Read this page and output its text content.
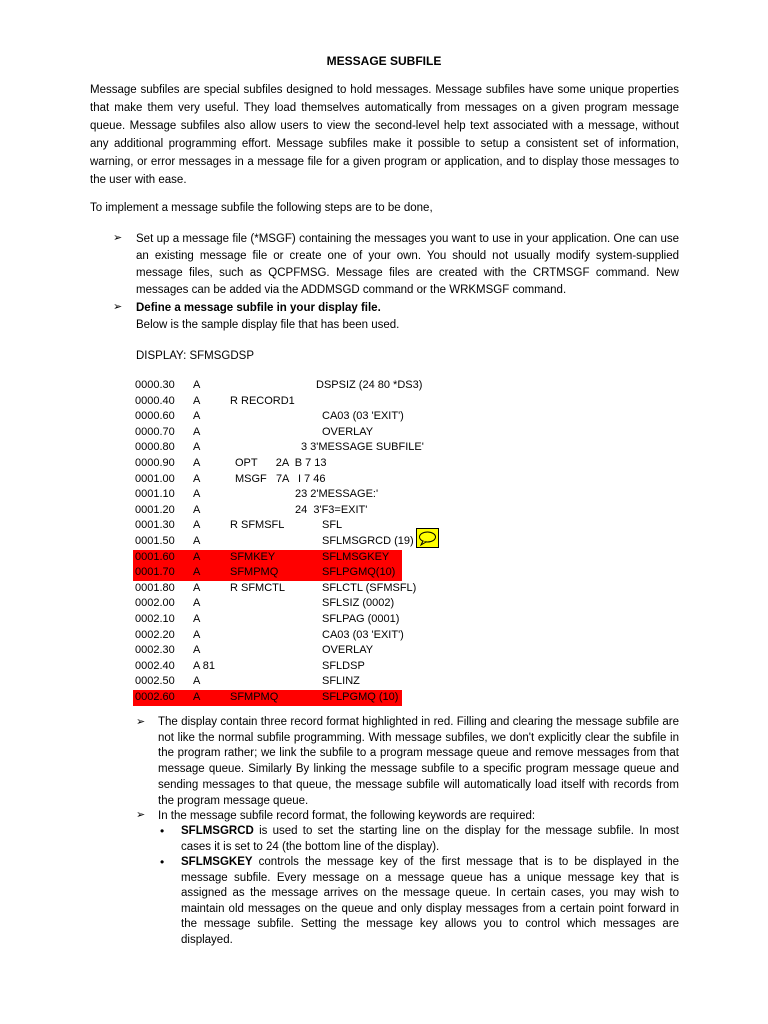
MESSAGE SUBFILE

Message subfiles are special subfiles designed to hold messages. Message subfiles have some unique properties that make them very useful. They load themselves automatically from messages on a given program message queue. Message subfiles also allow users to view the second-level help text associated with a message, without any additional programming effort. Message subfiles make it possible to setup a consistent set of information, warning, or error messages in a message file for a given program or application, and to display those messages to the user with ease.

To implement a message subfile the following steps are to be done,

➢ Set up a message file (*MSGF) containing the messages you want to use in your application. One can use an existing message file or create one of your own. You should not usually modify system-supplied message files, such as QCPFMSG. Message files are created with the CRTMSGF command. New messages can be added via the ADDMSGD command or the WRKMSGF command.

➢ Define a message subfile in your display file.
Below is the sample display file that has been used.
DISPLAY: SFMSGDSP
0000.30 A	DSPSIZ (24 80 *DS3)
0000.40 A	R RECORD1
0000.60 A	CA03 (03 'EXIT')
0000.70 A	OVERLAY
0000.80 A	3 3'MESSAGE SUBFILE'
0000.90 A	OPT      2A  B 7 13
0001.00 A	MSGF   7A   I 7 46
0001.10 A	23 2'MESSAGE:'
0001.20 A	24  3'F3=EXIT'
0001.30 A	R SFMSFL	SFL
0001.50 A	SFLMSGRCD (19)
0001.60 A	SFMKEY	SFLMSGKEY
0001.70 A	SFMPMQ	SFLPGMQ(10)
0001.80 A	R SFMCTL	SFLCTL (SFMSFL)
0002.00 A	SFLSIZ (0002)
0002.10 A	SFLPAG (0001)
0002.20 A	CA03 (03 'EXIT')
0002.30 A	OVERLAY
0002.40 A 81	SFLDSP
0002.50 A	SFLINZ
0002.60 A	SFMPMQ	SFLPGMQ (10)
➢ The display contain three record format highlighted in red. Filling and clearing the message subfile are not like the normal subfile programming. With message subfiles, we don't explicitly clear the subfile in the program rather; we link the subfile to a program message queue and remove messages from that message queue. Similarly By linking the message subfile to a specific program message queue and sending messages to that queue, the message subfile will automatically load itself with records from the program message queue.

➢ In the message subfile record format, the following keywords are required:

• SFLMSGRCD is used to set the starting line on the display for the message subfile. In most cases it is set to 24 (the bottom line of the display).

• SFLMSGKEY controls the message key of the first message that is to be displayed in the message subfile. Every message on a message queue has a unique message key that is assigned as the message arrives on the message queue. In certain cases, you may wish to maintain old messages on the queue and only display messages from a certain point forward in the message subfile. Setting the message key allows you to control which messages are displayed.
